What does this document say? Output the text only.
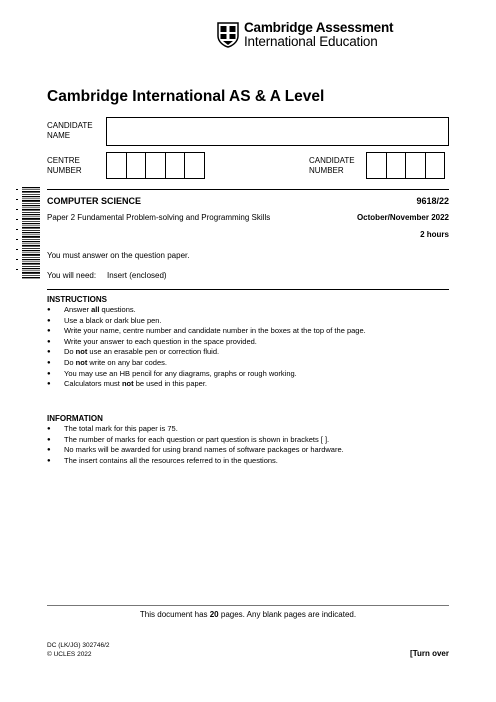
Cambridge Assessment
International Education
Cambridge International AS & A Level
CANDIDATE
NAME
CENTRE
NUMBER
CANDIDATE
NUMBER
COMPUTER SCIENCE	9618/22
Paper 2 Fundamental Problem-solving and Programming Skills	October/November 2022
2 hours
You must answer on the question paper.
You will need: Insert (enclosed)
INSTRUCTIONS
● Answer all questions.
● Use a black or dark blue pen.
● Write your name, centre number and candidate number in the boxes at the top of the page.
● Write your answer to each question in the space provided.
● Do not use an erasable pen or correction fluid.
● Do not write on any bar codes.
● You may use an HB pencil for any diagrams, graphs or rough working.
● Calculators must not be used in this paper.
INFORMATION
● The total mark for this paper is 75.
● The number of marks for each question or part question is shown in brackets [ ].
● No marks will be awarded for using brand names of software packages or hardware.
● The insert contains all the resources referred to in the questions.
This document has 20 pages. Any blank pages are indicated.
DC (LK/JG) 302746/2
© UCLES 2022	[Turn over
